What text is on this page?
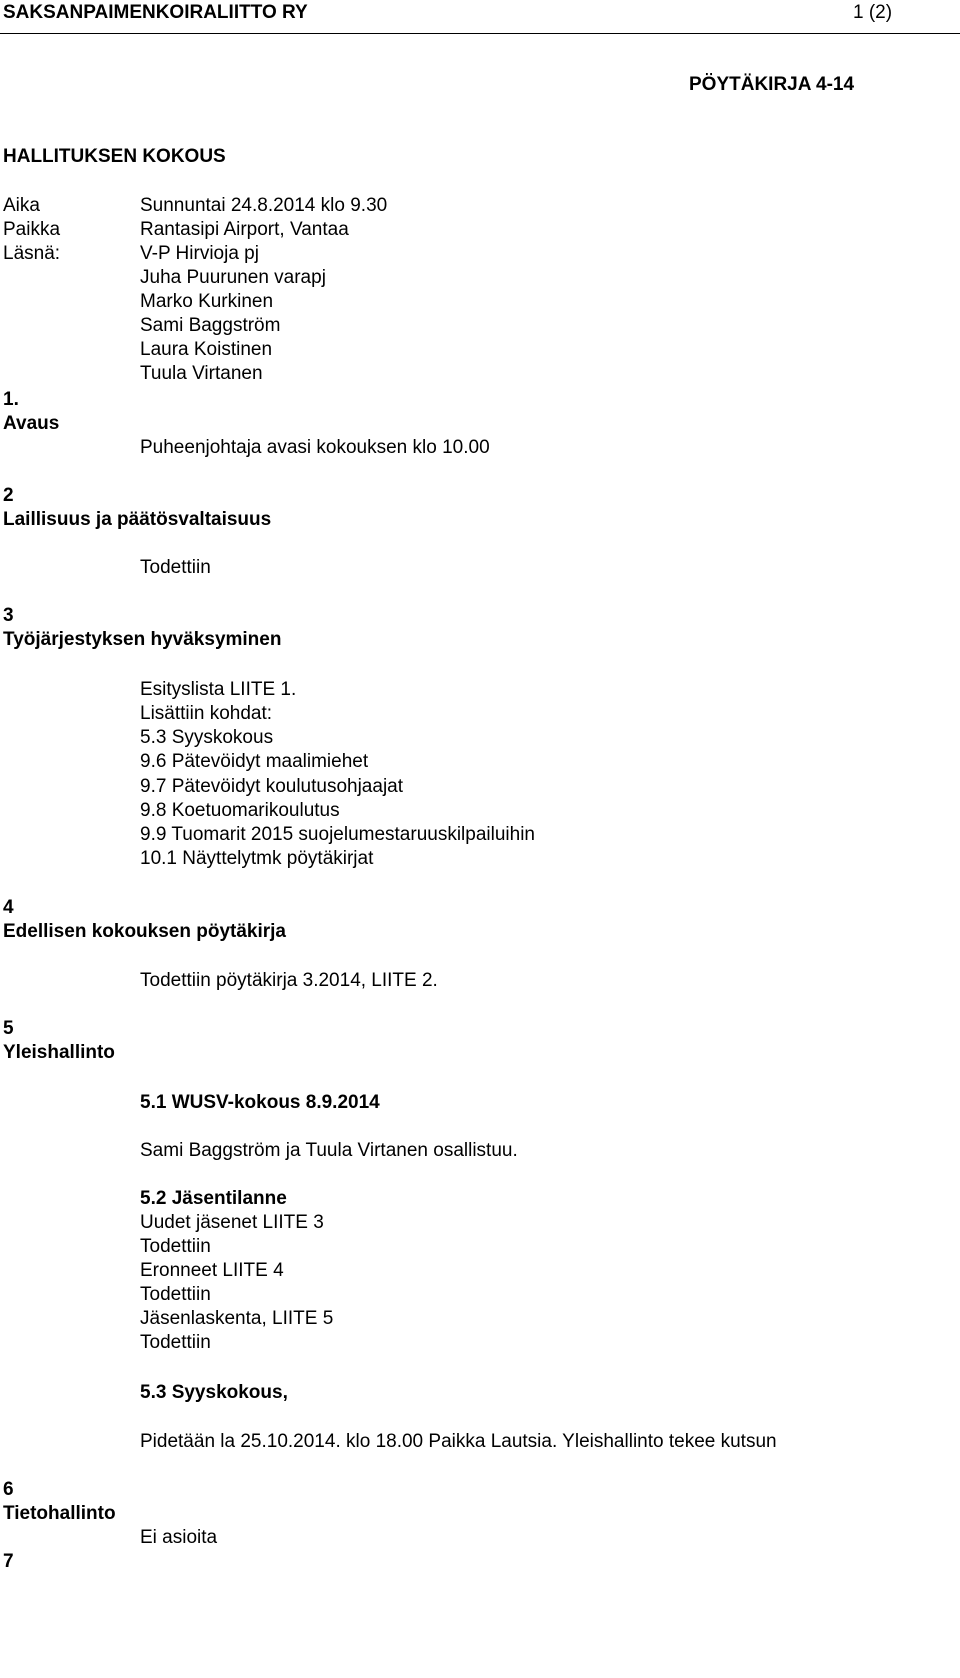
SAKSANPAIMENKOIRALIITTO RY	1 (2)
PÖYTÄKIRJA 4-14
HALLITUKSEN KOKOUS
Aika	Sunnuntai 24.8.2014 klo 9.30
Paikka	Rantasipi Airport, Vantaa
Läsnä:	V-P Hirvioja pj
Juha Puurunen varapj
Marko Kurkinen
Sami Baggström
Laura Koistinen
Tuula Virtanen
1.
Avaus
Puheenjohtaja avasi kokouksen klo 10.00
2
Laillisuus ja päätösvaltaisuus
Todettiin
3
Työjärjestyksen hyväksyminen
Esityslista LIITE 1.
Lisättiin kohdat:
5.3 Syyskokous
9.6 Pätevöidyt maalimiehet
9.7 Pätevöidyt koulutusohjaajat
9.8 Koetuomarikoulutus
9.9 Tuomarit 2015 suojelumestaruuskilpailuihin
10.1 Näyttelytmk pöytäkirjat
4
Edellisen kokouksen pöytäkirja
Todettiin pöytäkirja 3.2014, LIITE 2.
5
Yleishallinto
5.1 WUSV-kokous 8.9.2014
Sami Baggström ja Tuula Virtanen osallistuu.
5.2 Jäsentilanne
Uudet jäsenet LIITE 3
Todettiin
Eronneet LIITE 4
Todettiin
Jäsenlaskenta, LIITE 5
Todettiin
5.3 Syyskokous,
Pidetään la 25.10.2014. klo 18.00 Paikka Lautsia. Yleishallinto tekee kutsun
6
Tietohallinto
Ei asioita
7
